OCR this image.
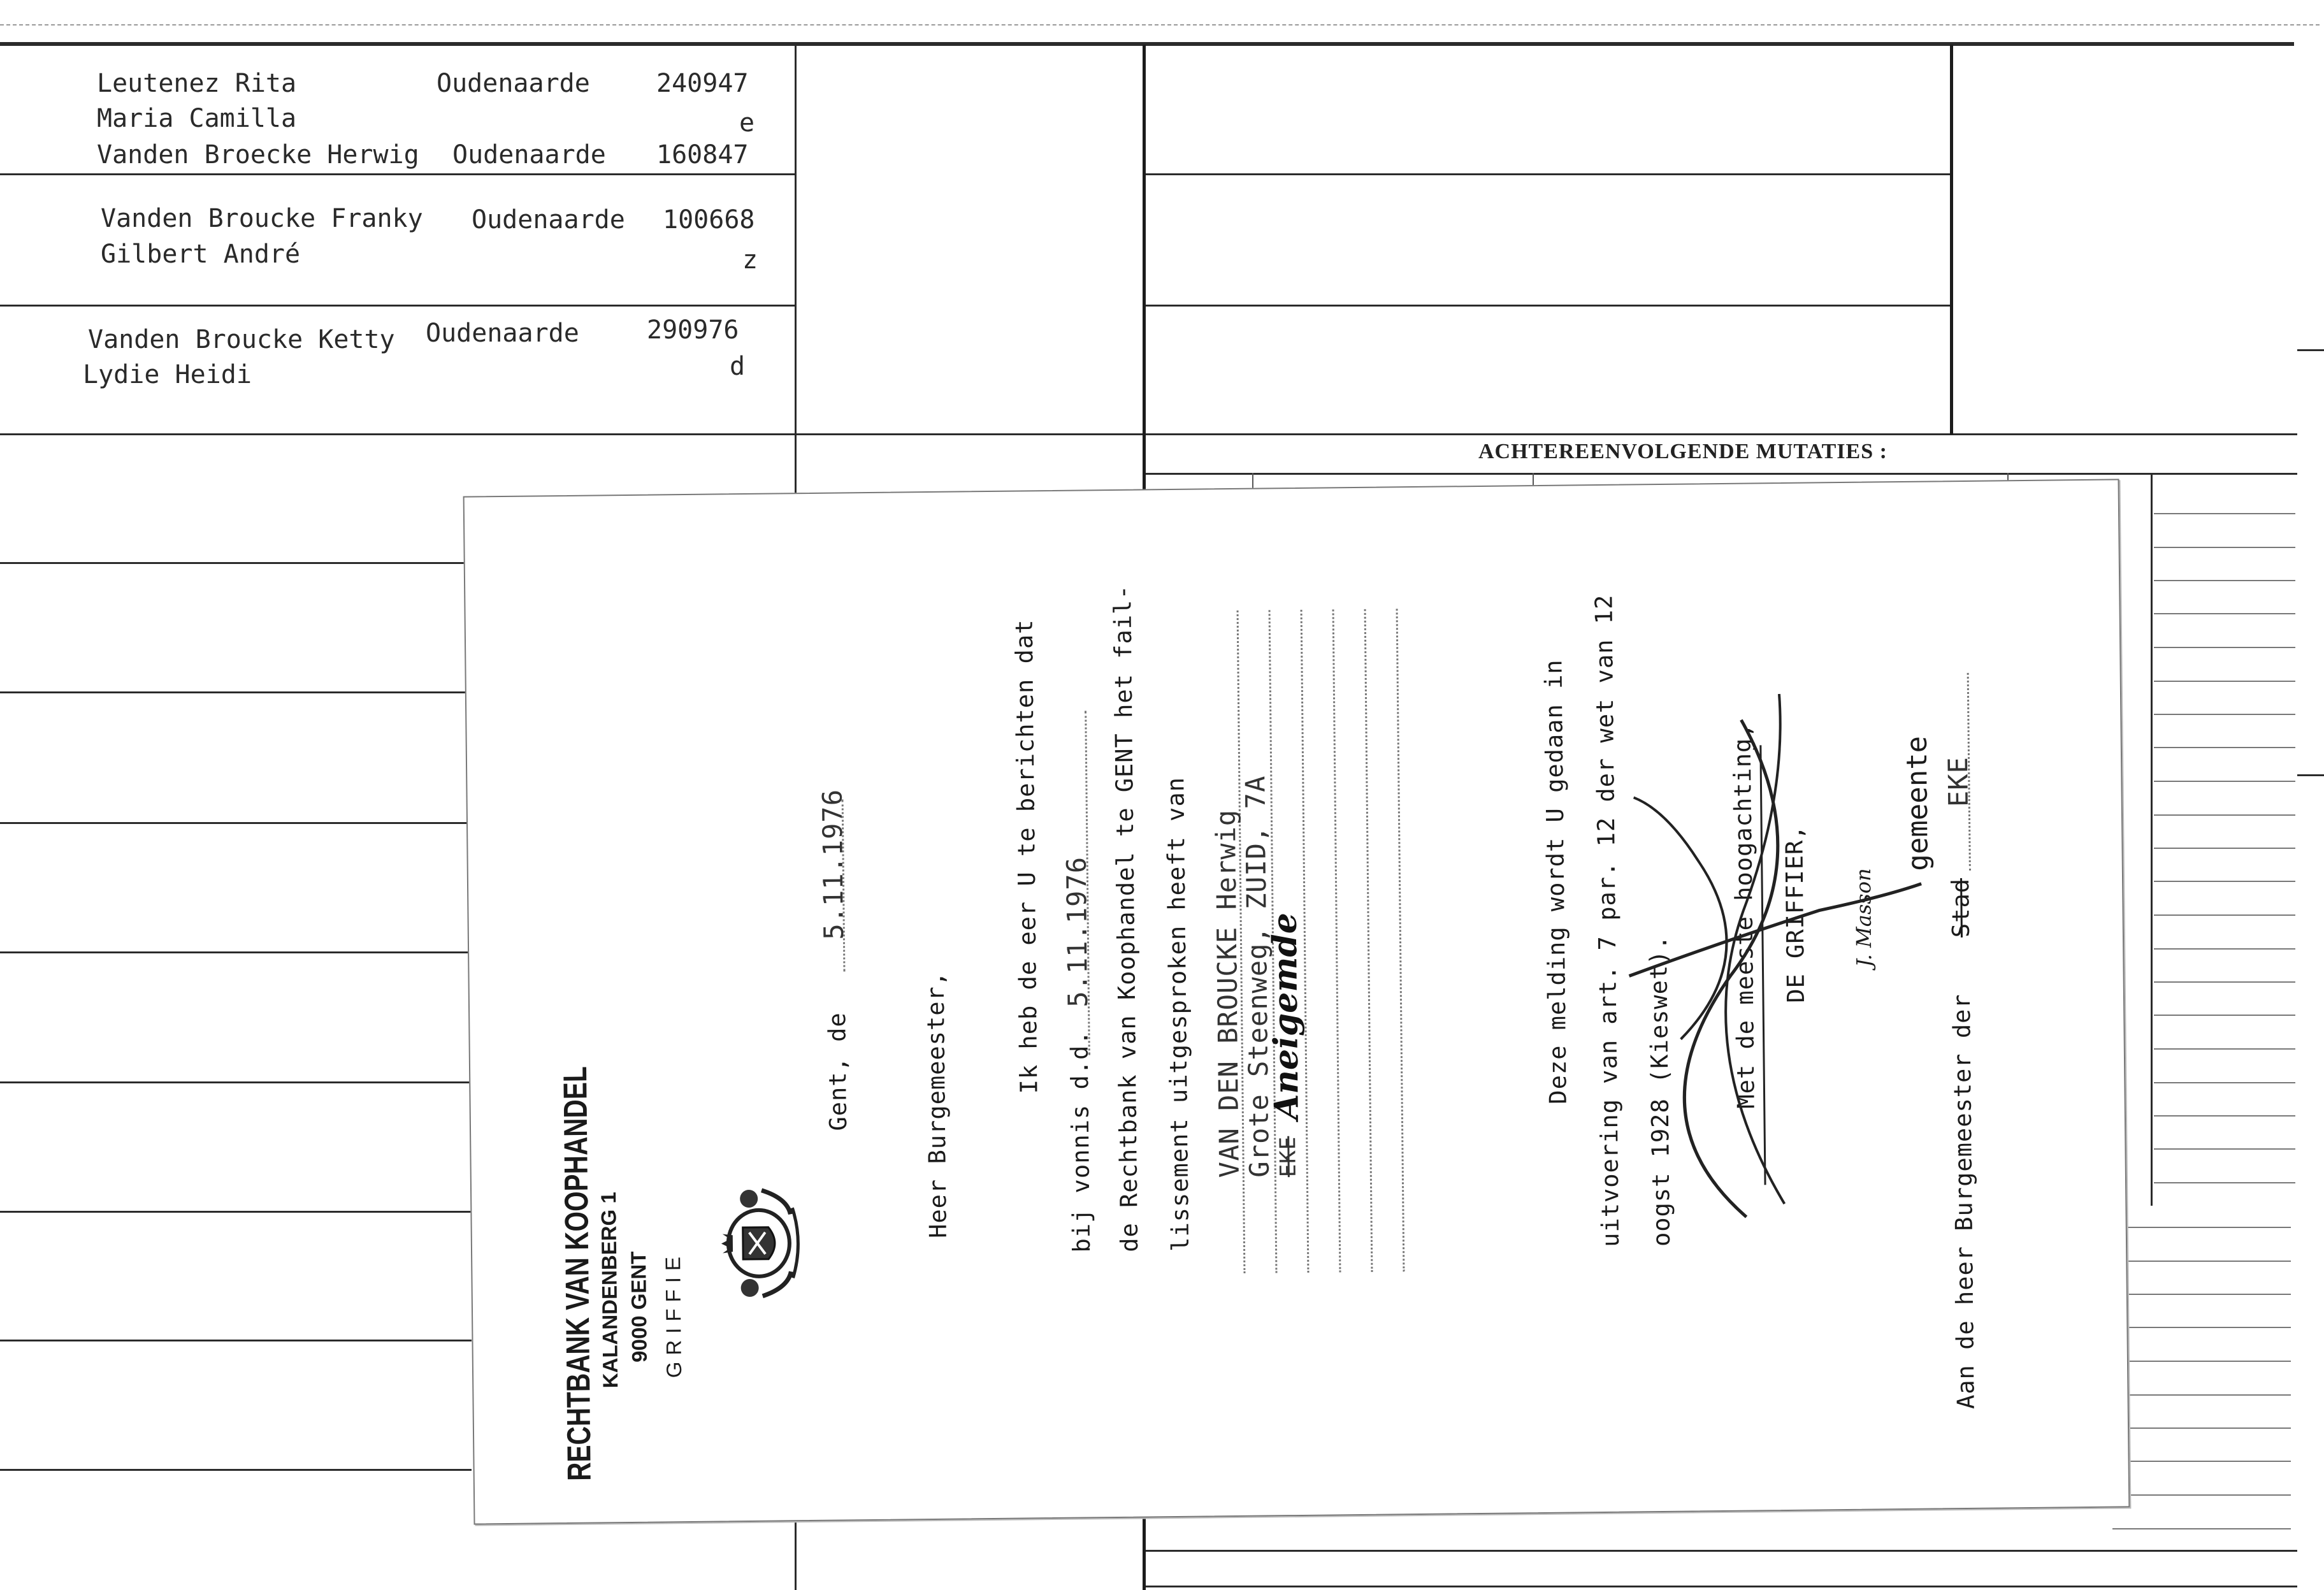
Leutenez Rita	Oudenaarde	240947
Maria Camilla	e
Vanden Broecke Herwig Oudenaarde 160847
Vanden Broucke Franky Oudenaarde 100668
Gilbert André	z
Vanden Broucke Ketty Oudenaarde	290976
Lydie Heidi	d
ACHTEREENVOLGENDE MUTATIES :
RECHTBANK VAN KOOPHANDEL
KALANDENBERG 1 9000 GENT GRIFFIE
Gent, de
5.11.1976
Heer Burgemeester,
Ik heb de eer U te berichten dat
bij vonnis d.d.
5.11.1976 de Rechtbank van Koophandel te GENT het fail- lissement uitgesproken heeft van VAN DEN BROUCKE Herwig
Grote Steenweg, ZUID, 7A EKE
Aneigemde	Deze melding wordt U gedaan in uitvoering van art. 7 par. 12 der wet van 12 oogst 1928 (Kieswet). Met de meeste hoogachting, DE GRIFFIER, J. Masson
gemeente
Aan de heer Burgemeester der
Stad
EKE
